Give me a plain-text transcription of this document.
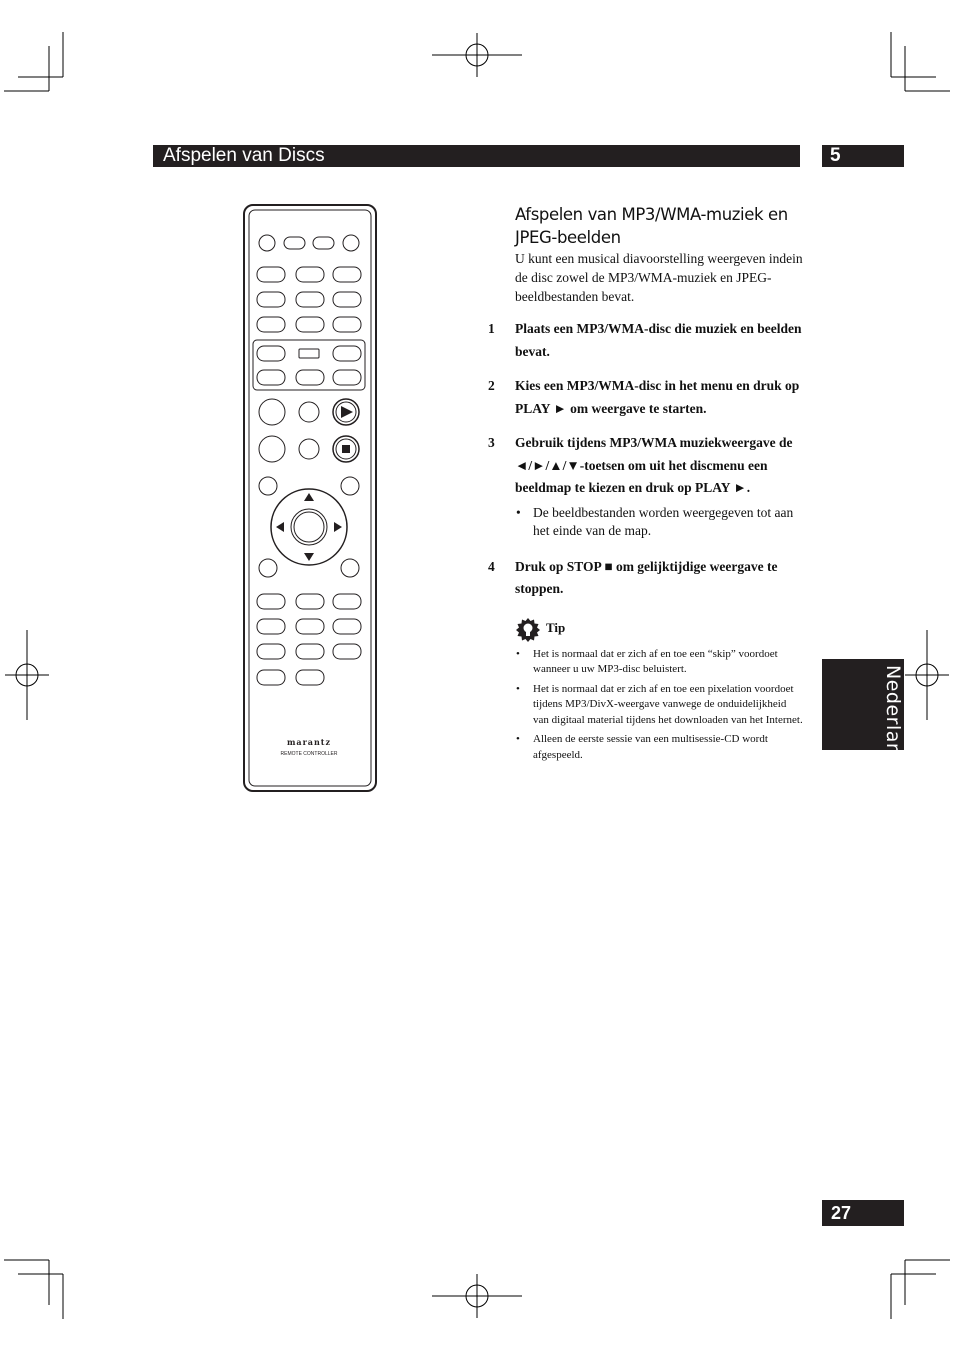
Afspelen van Discs	5
Nederlands
27
marantz
REMOTE CONTROLLER
Afspelen van MP3/WMA-muziek en JPEG-beelden
U kunt een musical diavoorstelling weergeven indein de disc zowel de MP3/WMA-muziek en JPEG-beeldbestanden bevat.
1 Plaats een MP3/WMA-disc die muziek en beelden bevat.
2 Kies een MP3/WMA-disc in het menu en druk op PLAY ► om weergave te starten.
3 Gebruik tijdens MP3/WMA muziekweergave de ◄/►/▲/▼-toetsen om uit het discmenu een beeldmap te kiezen en druk op PLAY ►.
• De beeldbestanden worden weergegeven tot aan het einde van de map.
4 Druk op STOP ■ om gelijktijdige weergave te stoppen.
Tip
• Het is normaal dat er zich af en toe een “skip” voordoet wanneer u uw MP3-disc beluistert.
• Het is normaal dat er zich af en toe een pixelation voordoet tijdens MP3/DivX-weergave vanwege de onduidelijkheid van digitaal material tijdens het downloaden van het Internet.
• Alleen de eerste sessie van een multisessie-CD wordt afgespeeld.
